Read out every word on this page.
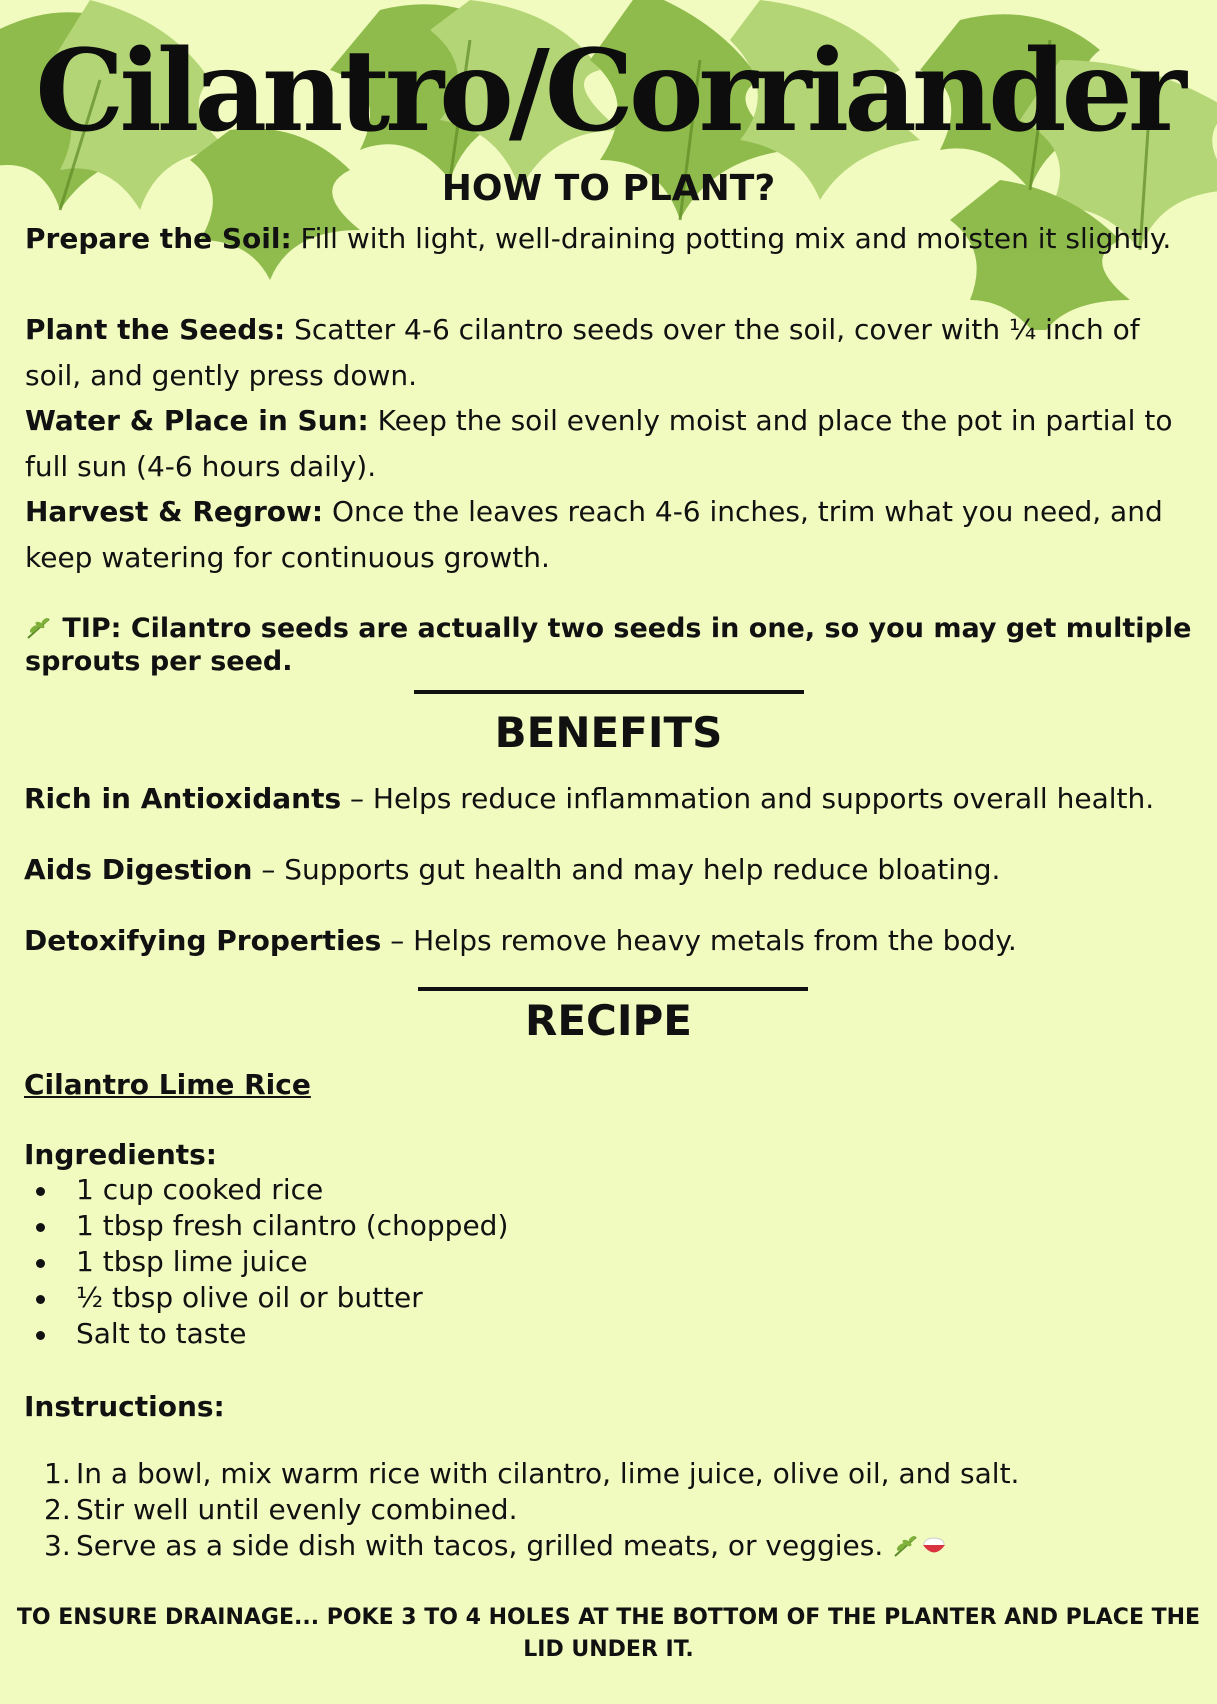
Cilantro/Corriander
HOW TO PLANT?

Prepare the Soil: Fill with light, well-draining potting mix and moisten it slightly.

Plant the Seeds: Scatter 4-6 cilantro seeds over the soil, cover with ¼ inch of soil, and gently press down.

Water & Place in Sun: Keep the soil evenly moist and place the pot in partial to full sun (4-6 hours daily).

Harvest & Regrow: Once the leaves reach 4-6 inches, trim what you need, and keep watering for continuous growth.

TIP: Cilantro seeds are actually two seeds in one, so you may get multiple sprouts per seed.

BENEFITS

Rich in Antioxidants – Helps reduce inflammation and supports overall health.

Aids Digestion – Supports gut health and may help reduce bloating.

Detoxifying Properties – Helps remove heavy metals from the body.

RECIPE

Cilantro Lime Rice

Ingredients:

1 cup cooked rice
1 tbsp fresh cilantro (chopped)
1 tbsp lime juice
½ tbsp olive oil or butter
Salt to taste

Instructions:

1. In a bowl, mix warm rice with cilantro, lime juice, olive oil, and salt.
2. Stir well until evenly combined.
3. Serve as a side dish with tacos, grilled meats, or veggies.

TO ENSURE DRAINAGE... POKE 3 TO 4 HOLES AT THE BOTTOM OF THE PLANTER AND PLACE THE LID UNDER IT.
